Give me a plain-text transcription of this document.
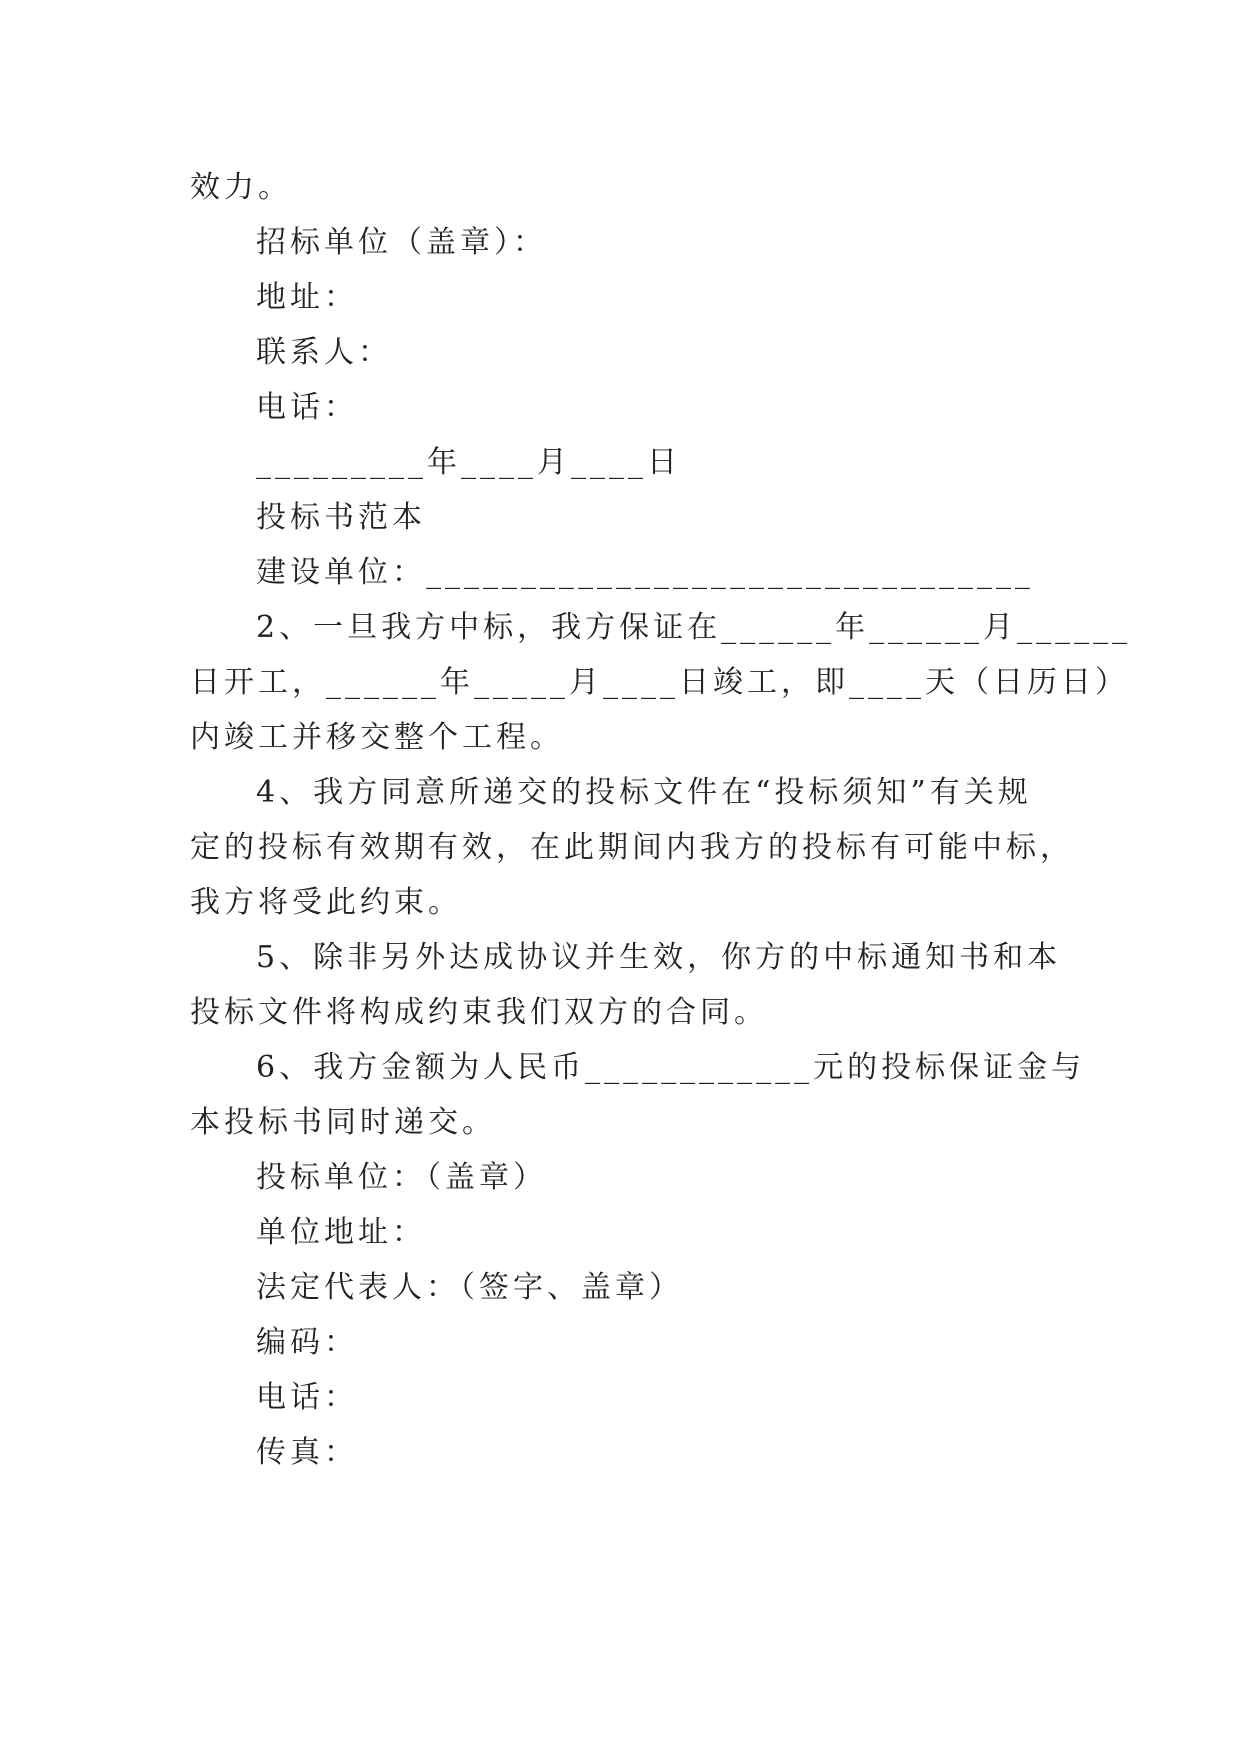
效力。
招标单位（盖章）：
地址：
联系人：
电话：
_________年____月____日
投标书范本
建设单位：________________________________
2、一旦我方中标，我方保证在______年______月______
日开工，______年_____月____日竣工，即____天（日历日）
内竣工并移交整个工程。
4、我方同意所递交的投标文件在“投标须知”有关规
定的投标有效期有效，在此期间内我方的投标有可能中标，
我方将受此约束。
5、除非另外达成协议并生效，你方的中标通知书和本
投标文件将构成约束我们双方的合同。
6、我方金额为人民币____________元的投标保证金与
本投标书同时递交。
投标单位：（盖章）
单位地址：
法定代表人：（签字、盖章）
编码：
电话：
传真：
